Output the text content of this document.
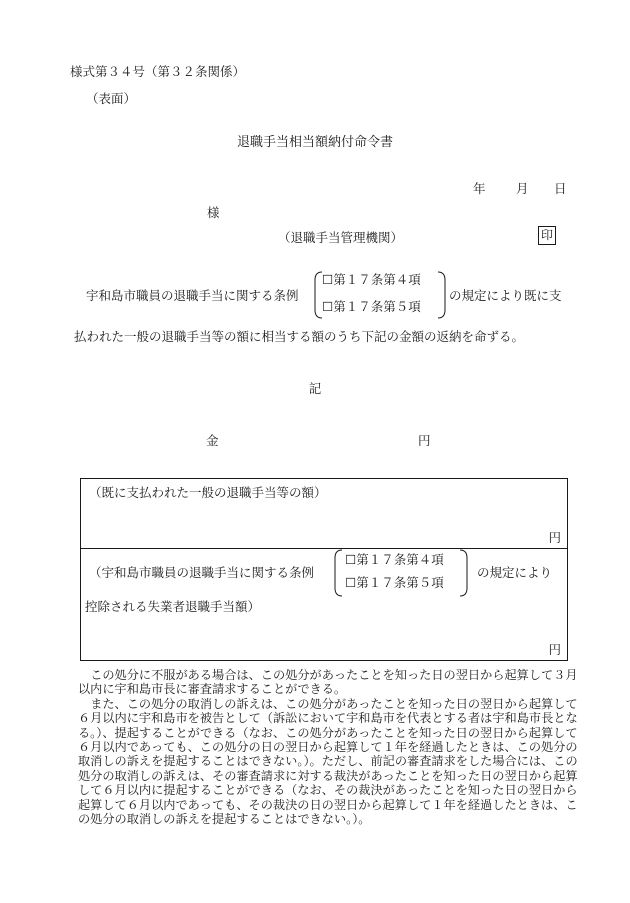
様式第３４号（第３２条関係）
（表面）
退職手当相当額納付命令書
年 月 日
様
（退職手当管理機関）	印
宇和島市職員の退職手当に関する条例
☐第１７条第４項
☐第１７条第５項
の規定により既に支
払われた一般の退職手当等の額に相当する額のうち下記の金額の返納を命ずる。
記
金	円
（既に支払われた一般の退職手当等の額）
円
（宇和島市職員の退職手当に関する条例
☐第１７条第４項
☐第１７条第５項
の規定により
控除される失業者退職手当額）
円

この処分に不服がある場合は、この処分があったことを知った日の翌日から起算して３月以内に宇和島市長に審査請求することができる。

また、この処分の取消しの訴えは、この処分があったことを知った日の翌日から起算して６月以内に宇和島市を被告として（訴訟において宇和島市を代表とする者は宇和島市長となる。）、提起することができる（なお、この処分があったことを知った日の翌日から起算して６月以内であっても、この処分の日の翌日から起算して１年を経過したときは、この処分の取消しの訴えを提起することはできない。）。ただし、前記の審査請求をした場合には、この処分の取消しの訴えは、その審査請求に対する裁決があったことを知った日の翌日から起算して６月以内に提起することができる（なお、その裁決があったことを知った日の翌日から起算して６月以内であっても、その裁決の日の翌日から起算して１年を経過したときは、この処分の取消しの訴えを提起することはできない。）。
